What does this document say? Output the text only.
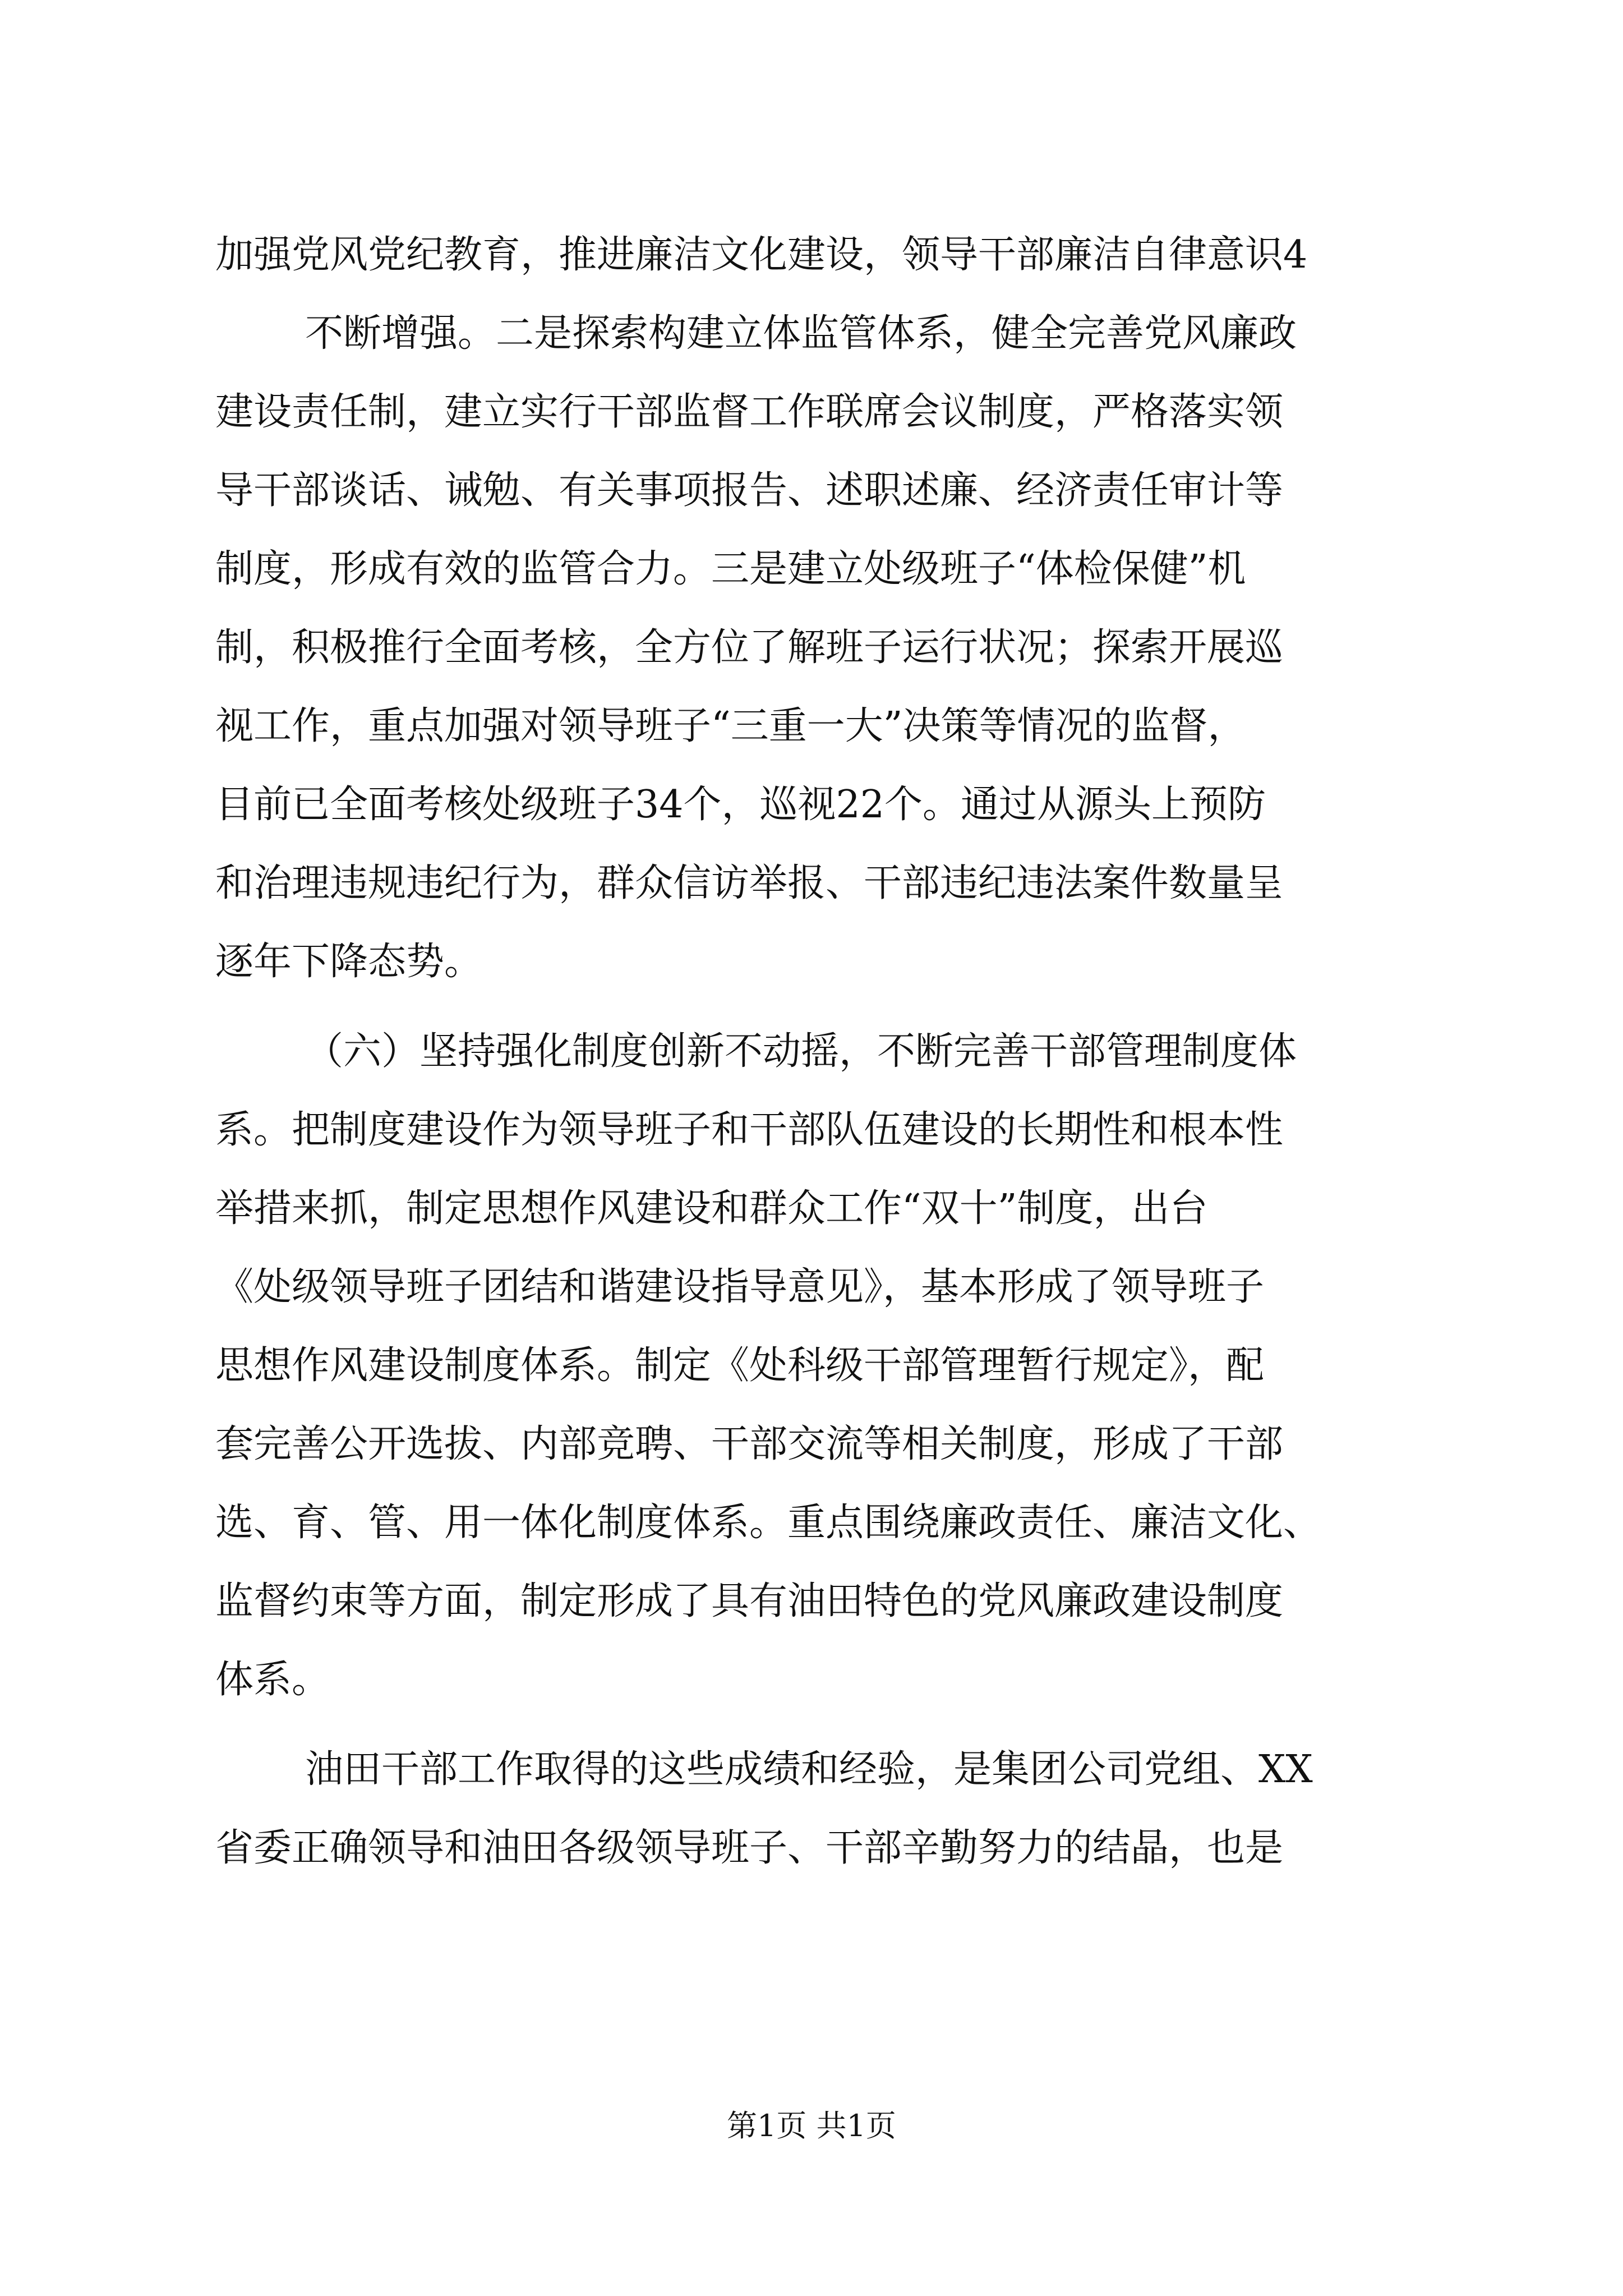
加强党风党纪教育，推进廉洁文化建设，领导干部廉洁自律意识4
不断增强。二是探索构建立体监管体系，健全完善党风廉政
建设责任制，建立实行干部监督工作联席会议制度，严格落实领
导干部谈话、诫勉、有关事项报告、述职述廉、经济责任审计等
制度，形成有效的监管合力。三是建立处级班子“体检保健”机
制，积极推行全面考核，全方位了解班子运行状况；探索开展巡
视工作，重点加强对领导班子“三重一大”决策等情况的监督，
目前已全面考核处级班子34个，巡视22个。通过从源头上预防
和治理违规违纪行为，群众信访举报、干部违纪违法案件数量呈
逐年下降态势。
（六）坚持强化制度创新不动摇，不断完善干部管理制度体
系。把制度建设作为领导班子和干部队伍建设的长期性和根本性
举措来抓，制定思想作风建设和群众工作“双十”制度，出台
《处级领导班子团结和谐建设指导意见》，基本形成了领导班子
思想作风建设制度体系。制定《处科级干部管理暂行规定》，配
套完善公开选拔、内部竞聘、干部交流等相关制度，形成了干部
选、育、管、用一体化制度体系。重点围绕廉政责任、廉洁文化、
监督约束等方面，制定形成了具有油田特色的党风廉政建设制度
体系。
油田干部工作取得的这些成绩和经验，是集团公司党组、XX
省委正确领导和油田各级领导班子、干部辛勤努力的结晶，也是
第1页 共1页
